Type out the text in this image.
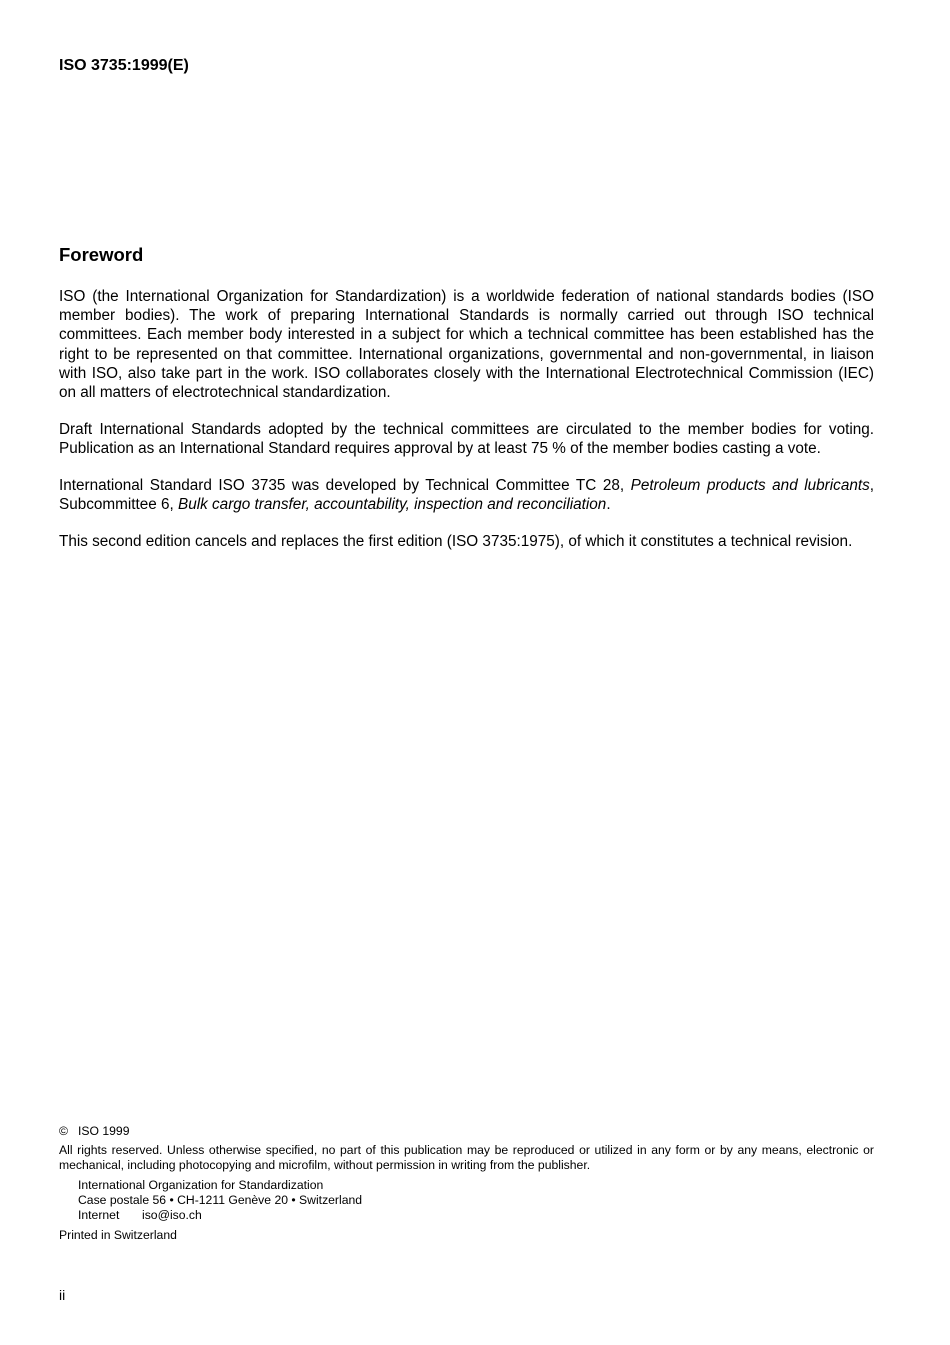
ISO 3735:1999(E)
Foreword

ISO (the International Organization for Standardization) is a worldwide federation of national standards bodies (ISO member bodies). The work of preparing International Standards is normally carried out through ISO technical committees. Each member body interested in a subject for which a technical committee has been established has the right to be represented on that committee. International organizations, governmental and non-governmental, in liaison with ISO, also take part in the work. ISO collaborates closely with the International Electrotechnical Commission (IEC) on all matters of electrotechnical standardization.

Draft International Standards adopted by the technical committees are circulated to the member bodies for voting. Publication as an International Standard requires approval by at least 75 % of the member bodies casting a vote.

International Standard ISO 3735 was developed by Technical Committee TC 28, Petroleum products and lubricants, Subcommittee 6, Bulk cargo transfer, accountability, inspection and reconciliation.

This second edition cancels and replaces the first edition (ISO 3735:1975), of which it constitutes a technical revision.

© ISO 1999
All rights reserved. Unless otherwise specified, no part of this publication may be reproduced or utilized in any form or by any means, electronic or mechanical, including photocopying and microfilm, without permission in writing from the publisher.
International Organization for Standardization
Case postale 56 • CH-1211 Genève 20 • Switzerland
Internet iso@iso.ch
Printed in Switzerland
ii
